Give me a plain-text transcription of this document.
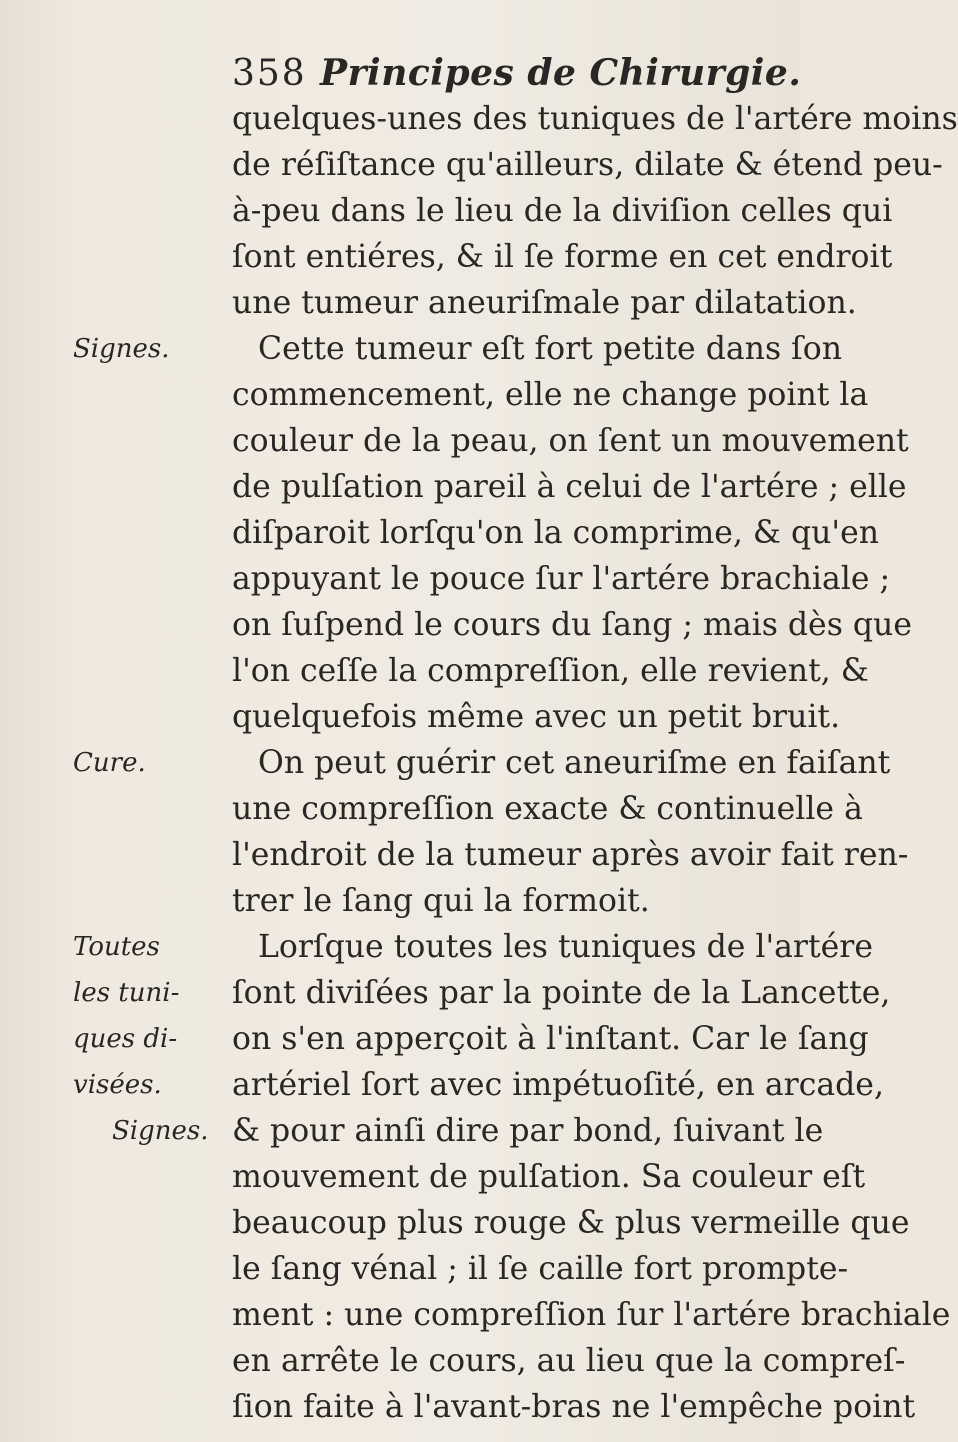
358 Principes de Chirurgie.
quelques-unes des tuniques de l'artére moins
de réſiſtance qu'ailleurs, dilate & étend peu-
à-peu dans le lieu de la diviſion celles qui
ſont entiéres, & il ſe forme en cet endroit
une tumeur aneuriſmale par dilatation.
Cette tumeur eſt fort petite dans ſon
commencement, elle ne change point la
couleur de la peau, on ſent un mouvement
de pulſation pareil à celui de l'artére ; elle
diſparoit lorſqu'on la comprime, & qu'en
appuyant le pouce ſur l'artére brachiale ;
on ſuſpend le cours du ſang ; mais dès que
l'on ceſſe la compreſſion, elle revient, &
quelquefois même avec un petit bruit.
On peut guérir cet aneuriſme en faiſant
une compreſſion exacte & continuelle à
l'endroit de la tumeur après avoir fait ren-
trer le ſang qui la formoit.
Lorſque toutes les tuniques de l'artére
ſont diviſées par la pointe de la Lancette,
on s'en apperçoit à l'inſtant. Car le ſang
artériel ſort avec impétuoſité, en arcade,
& pour ainſi dire par bond, ſuivant le
mouvement de pulſation. Sa couleur eſt
beaucoup plus rouge & plus vermeille que
le ſang vénal ; il ſe caille fort prompte-
ment : une compreſſion ſur l'artére brachiale
en arrête le cours, au lieu que la compreſ-
ſion faite à l'avant-bras ne l'empêche point
Signes.
Cure.
Toutes
les tuni-
ques di-
visées.
Signes.
